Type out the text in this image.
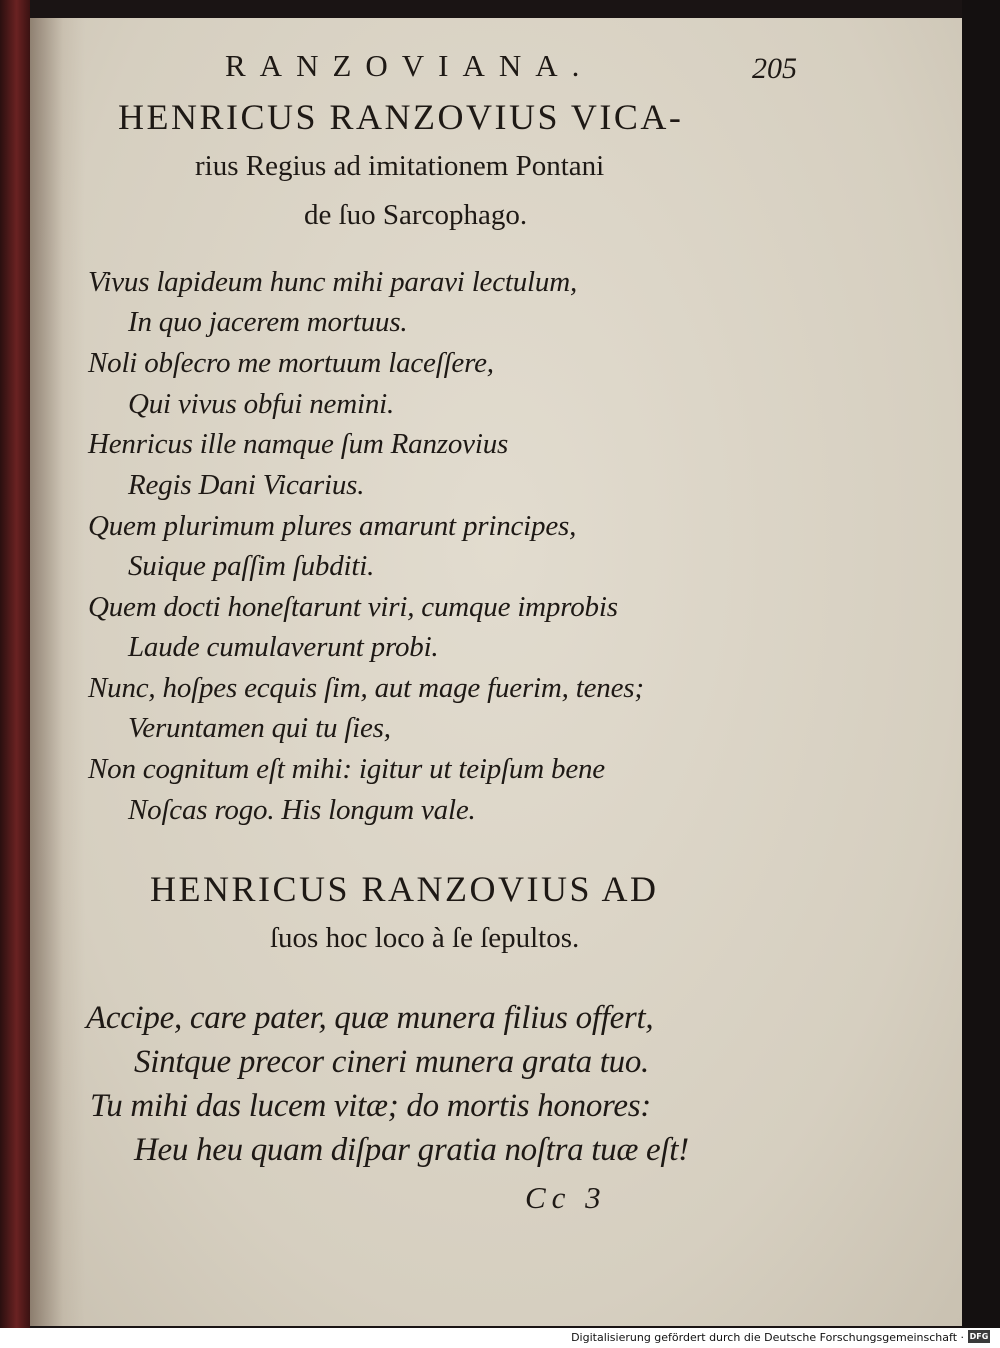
RANZOVIANA.	205
HENRICUS RANZOVIUS VICA-
rius Regius ad imitationem Pontani
de ſuo Sarcophago.
Vivus lapideum hunc mihi paravi lectulum,
In quo jacerem mortuus.
Noli obſecro me mortuum laceſſere,
Qui vivus obfui nemini.
Henricus ille namque ſum Ranzovius
Regis Dani Vicarius.
Quem plurimum plures amarunt principes,
Suique paſſim ſubditi.
Quem docti honeſtarunt viri, cumque improbis
Laude cumulaverunt probi.
Nunc, hoſpes ecquis ſim, aut mage fuerim, tenes;
Veruntamen qui tu ſies,
Non cognitum eſt mihi: igitur ut teipſum bene
Noſcas rogo. His longum vale.
HENRICUS RANZOVIUS AD
ſuos hoc loco à ſe ſepultos.
Accipe, care pater, quæ munera filius offert,
Sintque precor cineri munera grata tuo.
Tu mihi das lucem vitæ; do mortis honores:
Heu heu quam diſpar gratia noſtra tuæ eſt!
Cc 3
Digitalisierung gefördert durch die Deutsche Forschungsgemeinschaft · DFG
